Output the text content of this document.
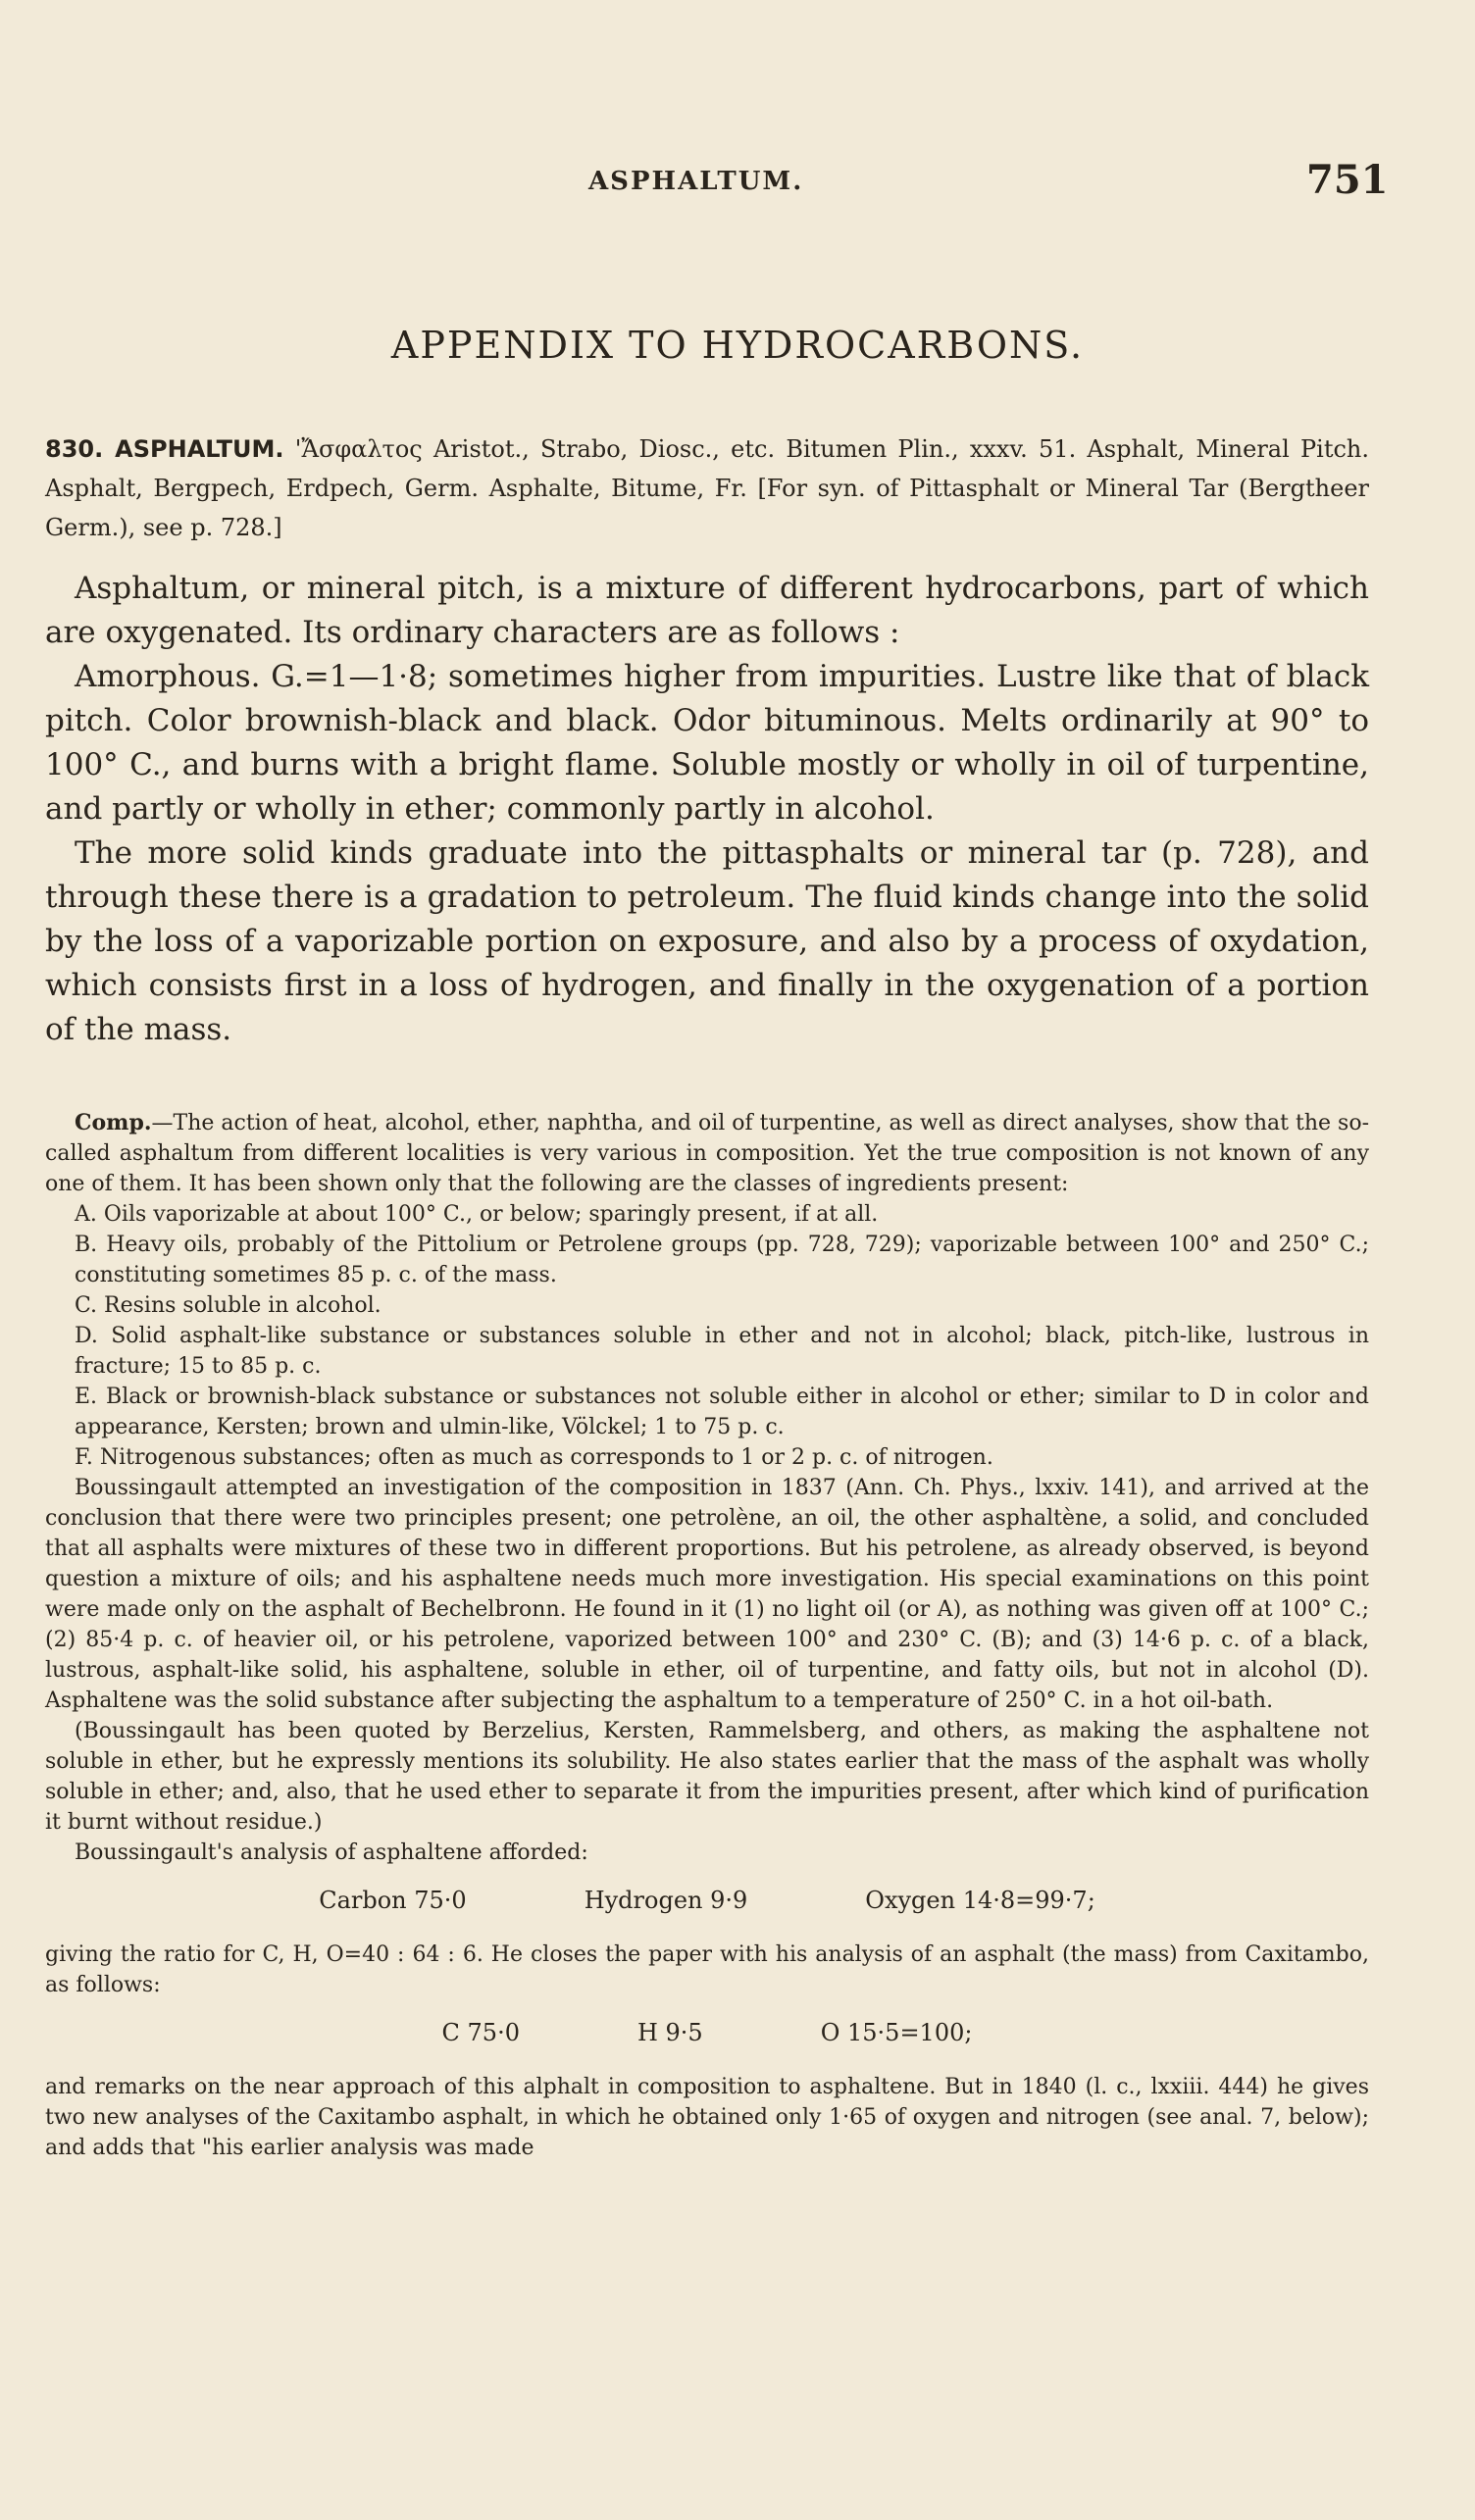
ASPHALTUM.	751
APPENDIX TO HYDROCARBONS.
830. ASPHALTUM. 'Ἄσφαλτος Aristot., Strabo, Diosc., etc. Bitumen Plin., xxxv. 51. Asphalt, Mineral Pitch. Asphalt, Bergpech, Erdpech, Germ. Asphalte, Bitume, Fr. [For syn. of Pittasphalt or Mineral Tar (Bergtheer Germ.), see p. 728.]

Asphaltum, or mineral pitch, is a mixture of different hydrocarbons, part of which are oxygenated. Its ordinary characters are as follows :

Amorphous. G.=1—1·8; sometimes higher from impurities. Lustre like that of black pitch. Color brownish-black and black. Odor bituminous. Melts ordinarily at 90° to 100° C., and burns with a bright flame. Soluble mostly or wholly in oil of turpentine, and partly or wholly in ether; commonly partly in alcohol.

The more solid kinds graduate into the pittasphalts or mineral tar (p. 728), and through these there is a gradation to petroleum. The fluid kinds change into the solid by the loss of a vaporizable portion on exposure, and also by a process of oxydation, which consists first in a loss of hydrogen, and finally in the oxygenation of a portion of the mass.

Comp.—The action of heat, alcohol, ether, naphtha, and oil of turpentine, as well as direct analyses, show that the so-called asphaltum from different localities is very various in composition. Yet the true composition is not known of any one of them. It has been shown only that the following are the classes of ingredients present:

A. Oils vaporizable at about 100° C., or below; sparingly present, if at all.

B. Heavy oils, probably of the Pittolium or Petrolene groups (pp. 728, 729); vaporizable between 100° and 250° C.; constituting sometimes 85 p. c. of the mass.

C. Resins soluble in alcohol.

D. Solid asphalt-like substance or substances soluble in ether and not in alcohol; black, pitch-like, lustrous in fracture; 15 to 85 p. c.

E. Black or brownish-black substance or substances not soluble either in alcohol or ether; similar to D in color and appearance, Kersten; brown and ulmin-like, Völckel; 1 to 75 p. c.

F. Nitrogenous substances; often as much as corresponds to 1 or 2 p. c. of nitrogen.

Boussingault attempted an investigation of the composition in 1837 (Ann. Ch. Phys., lxxiv. 141), and arrived at the conclusion that there were two principles present; one petrolène, an oil, the other asphaltène, a solid, and concluded that all asphalts were mixtures of these two in different proportions. But his petrolene, as already observed, is beyond question a mixture of oils; and his asphaltene needs much more investigation. His special examinations on this point were made only on the asphalt of Bechelbronn. He found in it (1) no light oil (or A), as nothing was given off at 100° C.; (2) 85·4 p. c. of heavier oil, or his petrolene, vaporized between 100° and 230° C. (B); and (3) 14·6 p. c. of a black, lustrous, asphalt-like solid, his asphaltene, soluble in ether, oil of turpentine, and fatty oils, but not in alcohol (D). Asphaltene was the solid substance after subjecting the asphaltum to a temperature of 250° C. in a hot oil-bath.

(Boussingault has been quoted by Berzelius, Kersten, Rammelsberg, and others, as making the asphaltene not soluble in ether, but he expressly mentions its solubility. He also states earlier that the mass of the asphalt was wholly soluble in ether; and, also, that he used ether to separate it from the impurities present, after which kind of purification it burnt without residue.)

Boussingault's analysis of asphaltene afforded:

Carbon 75·0	Hydrogen 9·9	Oxygen 14·8=99·7;

giving the ratio for C, H, O=40 : 64 : 6. He closes the paper with his analysis of an asphalt (the mass) from Caxitambo, as follows:

C 75·0	H 9·5	O 15·5=100;

and remarks on the near approach of this alphalt in composition to asphaltene. But in 1840 (l. c., lxxiii. 444) he gives two new analyses of the Caxitambo asphalt, in which he obtained only 1·65 of oxygen and nitrogen (see anal. 7, below); and adds that "his earlier analysis was made
